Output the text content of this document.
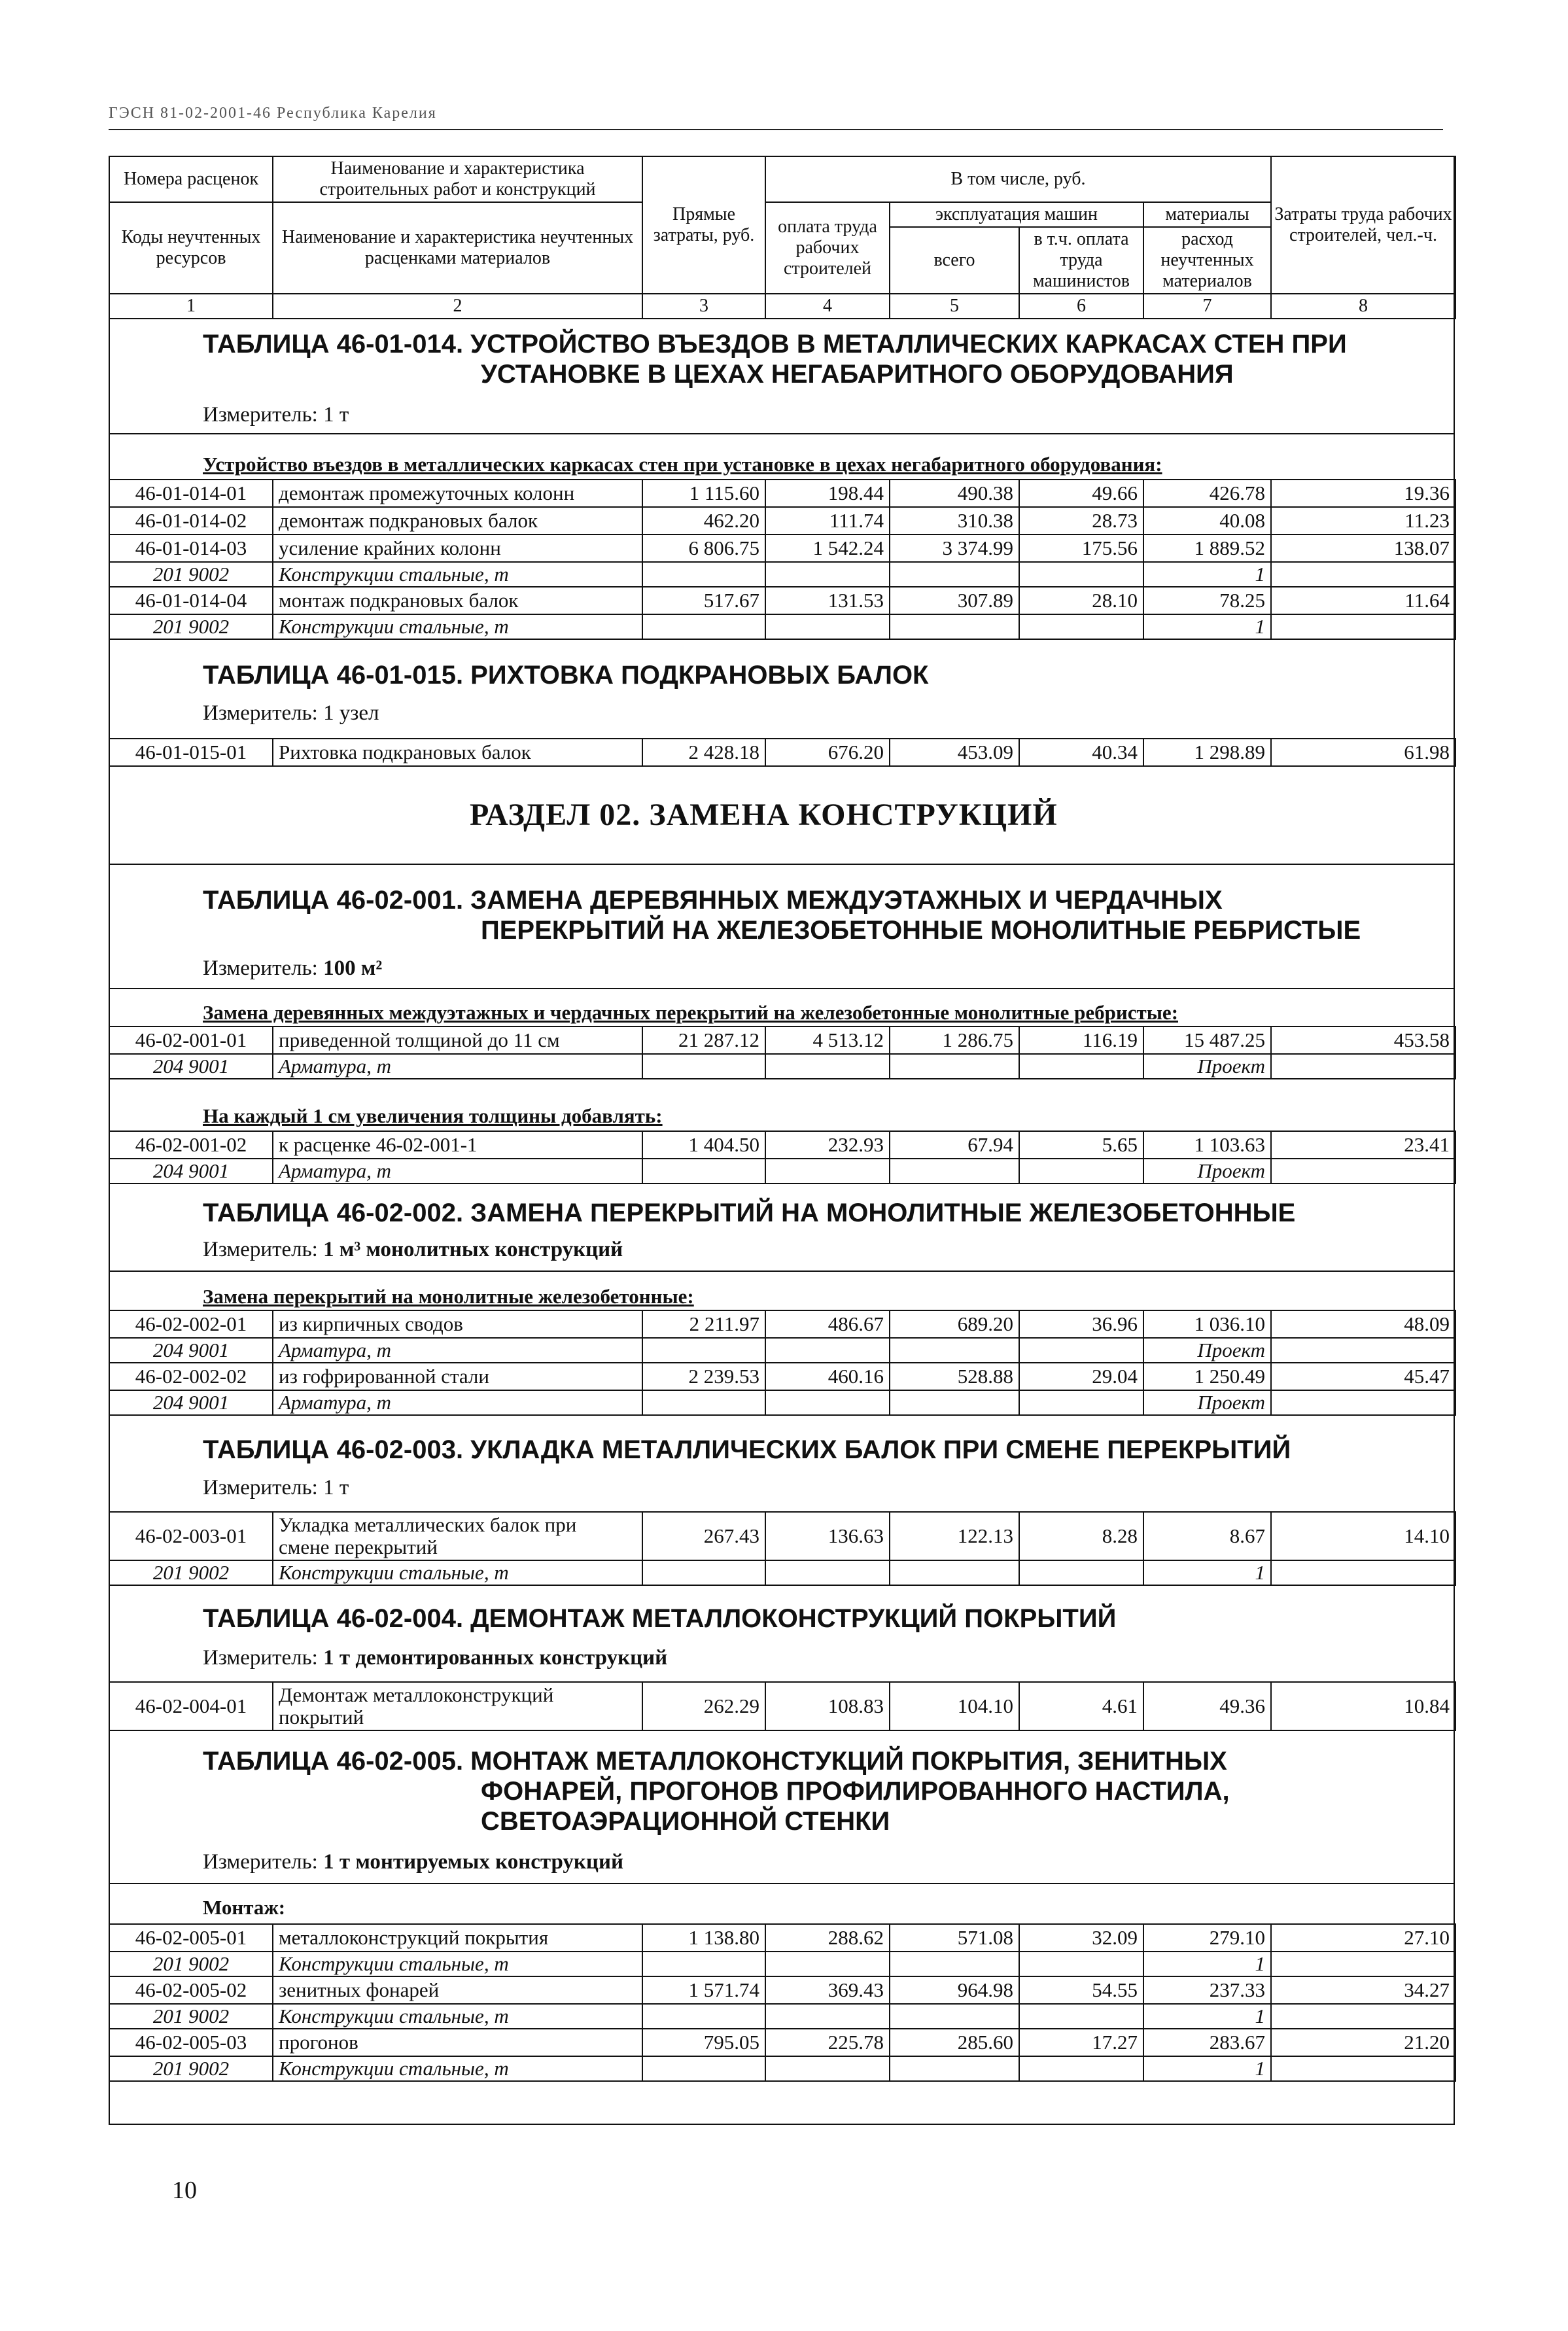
ГЭСН 81-02-2001-46 Республика Карелия
Номера расценок	Наименование и характеристика строительных работ и конструкций	Прямые затраты, руб.	В том числе, руб.				Затраты труда рабочих строителей, чел.-ч.
Коды неучтенных ресурсов	Наименование и характеристика неучтенных расценками материалов		оплата труда рабочих строителей	эксплуатация машин		материалы	
				всего	в т.ч. оплата труда машинистов	расход неучтенных материалов	

1	2	3	4	5	6	7	8
ТАБЛИЦА 46-01-014. УСТРОЙСТВО ВЪЕЗДОВ В МЕТАЛЛИЧЕСКИХ КАРКАСАХ СТЕН ПРИ
УСТАНОВКЕ В ЦЕХАХ НЕГАБАРИТНОГО ОБОРУДОВАНИЯ
Измеритель: 1 т
Устройство въездов в металлических каркасах стен при установке в цехах негабаритного оборудования:
46-01-014-01	демонтаж промежуточных колонн	1 115.60	198.44	490.38	49.66	426.78	19.36
46-01-014-02	демонтаж подкрановых балок	462.20	111.74	310.38	28.73	40.08	11.23
46-01-014-03	усиление крайних колонн	6 806.75	1 542.24	3 374.99	175.56	1 889.52	138.07
201 9002	Конструкции стальные, т					1	
46-01-014-04	монтаж подкрановых балок	517.67	131.53	307.89	28.10	78.25	11.64
201 9002	Конструкции стальные, т					1	
ТАБЛИЦА 46-01-015. РИХТОВКА ПОДКРАНОВЫХ БАЛОК
Измеритель: 1 узел
46-01-015-01	Рихтовка подкрановых балок	2 428.18	676.20	453.09	40.34	1 298.89	61.98
РАЗДЕЛ 02. ЗАМЕНА КОНСТРУКЦИЙ
ТАБЛИЦА 46-02-001. ЗАМЕНА ДЕРЕВЯННЫХ МЕЖДУЭТАЖНЫХ И ЧЕРДАЧНЫХ
ПЕРЕКРЫТИЙ НА ЖЕЛЕЗОБЕТОННЫЕ МОНОЛИТНЫЕ РЕБРИСТЫЕ
Измеритель: 100 м²
Замена деревянных междуэтажных и чердачных перекрытий на железобетонные монолитные ребристые:
46-02-001-01	приведенной толщиной до 11 см	21 287.12	4 513.12	1 286.75	116.19	15 487.25	453.58
204 9001	Арматура, т					Проект	
На каждый 1 см увеличения толщины добавлять:
46-02-001-02	к расценке 46-02-001-1	1 404.50	232.93	67.94	5.65	1 103.63	23.41
204 9001	Арматура, т					Проект	
ТАБЛИЦА 46-02-002. ЗАМЕНА ПЕРЕКРЫТИЙ НА МОНОЛИТНЫЕ ЖЕЛЕЗОБЕТОННЫЕ
Измеритель: 1 м³ монолитных конструкций
Замена перекрытий на монолитные железобетонные:
46-02-002-01	из кирпичных сводов	2 211.97	486.67	689.20	36.96	1 036.10	48.09
204 9001	Арматура, т					Проект	
46-02-002-02	из гофрированной стали	2 239.53	460.16	528.88	29.04	1 250.49	45.47
204 9001	Арматура, т					Проект	
ТАБЛИЦА 46-02-003. УКЛАДКА МЕТАЛЛИЧЕСКИХ БАЛОК ПРИ СМЕНЕ ПЕРЕКРЫТИЙ
Измеритель: 1 т
46-02-003-01	Укладка металлических балок при
смене перекрытий	267.43	136.63	122.13	8.28	8.67	14.10
201 9002	Конструкции стальные, т					1	
ТАБЛИЦА 46-02-004. ДЕМОНТАЖ МЕТАЛЛОКОНСТРУКЦИЙ ПОКРЫТИЙ
Измеритель: 1 т демонтированных конструкций
46-02-004-01	Демонтаж металлоконструкций
покрытий	262.29	108.83	104.10	4.61	49.36	10.84
ТАБЛИЦА 46-02-005. МОНТАЖ МЕТАЛЛОКОНСТУКЦИЙ ПОКРЫТИЯ, ЗЕНИТНЫХ
ФОНАРЕЙ, ПРОГОНОВ ПРОФИЛИРОВАННОГО НАСТИЛА,
СВЕТОАЭРАЦИОННОЙ СТЕНКИ
Измеритель: 1 т монтируемых конструкций
Монтаж:
46-02-005-01	металлоконструкций покрытия	1 138.80	288.62	571.08	32.09	279.10	27.10
201 9002	Конструкции стальные, т					1	
46-02-005-02	зенитных фонарей	1 571.74	369.43	964.98	54.55	237.33	34.27
201 9002	Конструкции стальные, т					1	
46-02-005-03	прогонов	795.05	225.78	285.60	17.27	283.67	21.20
201 9002	Конструкции стальные, т					1	
10
